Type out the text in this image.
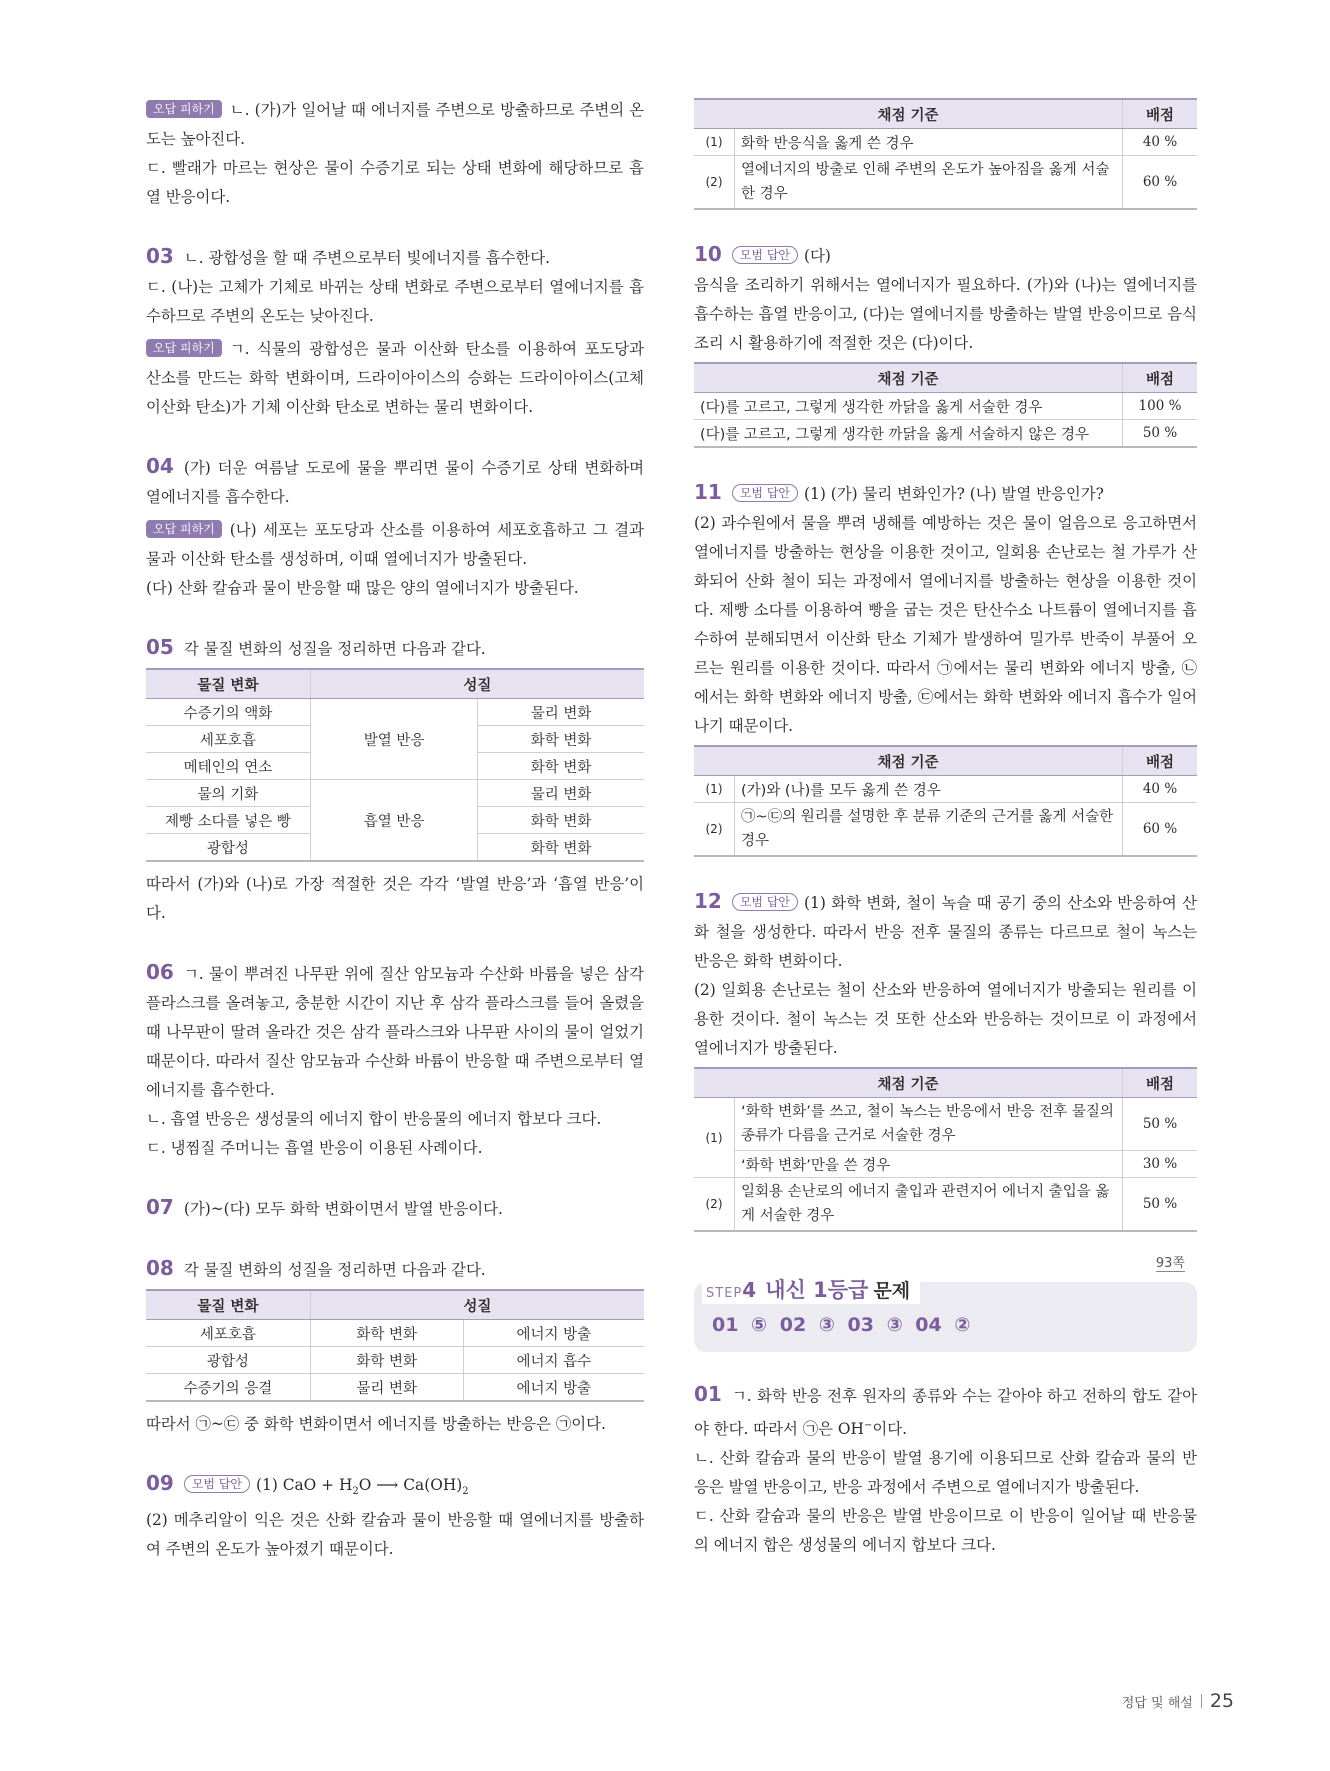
오답 피하기 ㄴ. (가)가 일어날 때 에너지를 주변으로 방출하므로 주변의 온도는 높아진다.

ㄷ. 빨래가 마르는 현상은 물이 수증기로 되는 상태 변화에 해당하므로 흡열 반응이다.

03 ㄴ. 광합성을 할 때 주변으로부터 빛에너지를 흡수한다.

ㄷ. (나)는 고체가 기체로 바뀌는 상태 변화로 주변으로부터 열에너지를 흡수하므로 주변의 온도는 낮아진다.

오답 피하기 ㄱ. 식물의 광합성은 물과 이산화 탄소를 이용하여 포도당과 산소를 만드는 화학 변화이며, 드라이아이스의 승화는 드라이아이스(고체 이산화 탄소)가 기체 이산화 탄소로 변하는 물리 변화이다.

04 (가) 더운 여름날 도로에 물을 뿌리면 물이 수증기로 상태 변화하며 열에너지를 흡수한다.

오답 피하기 (나) 세포는 포도당과 산소를 이용하여 세포호흡하고 그 결과 물과 이산화 탄소를 생성하며, 이때 열에너지가 방출된다.

(다) 산화 칼슘과 물이 반응할 때 많은 양의 열에너지가 방출된다.

05 각 물질 변화의 성질을 정리하면 다음과 같다.

물질 변화	성질	
수증기의 액화	발열 반응	물리 변화
세포호흡		화학 변화
메테인의 연소		화학 변화
물의 기화	흡열 반응	물리 변화
제빵 소다를 넣은 빵		화학 변화
광합성		화학 변화

따라서 (가)와 (나)로 가장 적절한 것은 각각 ‘발열 반응’과 ‘흡열 반응’이다.

06 ㄱ. 물이 뿌려진 나무판 위에 질산 암모늄과 수산화 바륨을 넣은 삼각 플라스크를 올려놓고, 충분한 시간이 지난 후 삼각 플라스크를 들어 올렸을 때 나무판이 딸려 올라간 것은 삼각 플라스크와 나무판 사이의 물이 얼었기 때문이다. 따라서 질산 암모늄과 수산화 바륨이 반응할 때 주변으로부터 열에너지를 흡수한다.

ㄴ. 흡열 반응은 생성물의 에너지 합이 반응물의 에너지 합보다 크다.

ㄷ. 냉찜질 주머니는 흡열 반응이 이용된 사례이다.

07 (가)~(다) 모두 화학 변화이면서 발열 반응이다.

08 각 물질 변화의 성질을 정리하면 다음과 같다.

물질 변화	성질	
세포호흡	화학 변화	에너지 방출
광합성	화학 변화	에너지 흡수
수증기의 응결	물리 변화	에너지 방출

따라서 ㉠~㉢ 중 화학 변화이면서 에너지를 방출하는 반응은 ㉠이다.

09 모범 답안 (1) CaO + $H_2O$ ⟶ $Ca(OH)_2$

(2) 메추리알이 익은 것은 산화 칼슘과 물이 반응할 때 열에너지를 방출하여 주변의 온도가 높아졌기 때문이다.

채점 기준		배점
(1)	화학 반응식을 옳게 쓴 경우	40 %
(2)	열에너지의 방출로 인해 주변의 온도가 높아짐을 옳게 서술한 경우	60 %

10 모범 답안 (다)

음식을 조리하기 위해서는 열에너지가 필요하다. (가)와 (나)는 열에너지를 흡수하는 흡열 반응이고, (다)는 열에너지를 방출하는 발열 반응이므로 음식 조리 시 활용하기에 적절한 것은 (다)이다.

채점 기준	배점
(다)를 고르고, 그렇게 생각한 까닭을 옳게 서술한 경우	100 %
(다)를 고르고, 그렇게 생각한 까닭을 옳게 서술하지 않은 경우	50 %

11 모범 답안 (1) (가) 물리 변화인가? (나) 발열 반응인가?

(2) 과수원에서 물을 뿌려 냉해를 예방하는 것은 물이 얼음으로 응고하면서 열에너지를 방출하는 현상을 이용한 것이고, 일회용 손난로는 철 가루가 산화되어 산화 철이 되는 과정에서 열에너지를 방출하는 현상을 이용한 것이다. 제빵 소다를 이용하여 빵을 굽는 것은 탄산수소 나트륨이 열에너지를 흡수하여 분해되면서 이산화 탄소 기체가 발생하여 밀가루 반죽이 부풀어 오르는 원리를 이용한 것이다. 따라서 ㉠에서는 물리 변화와 에너지 방출, ㉡에서는 화학 변화와 에너지 방출, ㉢에서는 화학 변화와 에너지 흡수가 일어나기 때문이다.

채점 기준		배점
(1)	(가)와 (나)를 모두 옳게 쓴 경우	40 %
(2)	㉠~㉢의 원리를 설명한 후 분류 기준의 근거를 옳게 서술한 경우	60 %

12 모범 답안 (1) 화학 변화, 철이 녹슬 때 공기 중의 산소와 반응하여 산화 철을 생성한다. 따라서 반응 전후 물질의 종류는 다르므로 철이 녹스는 반응은 화학 변화이다.

(2) 일회용 손난로는 철이 산소와 반응하여 열에너지가 방출되는 원리를 이용한 것이다. 철이 녹스는 것 또한 산소와 반응하는 것이므로 이 과정에서 열에너지가 방출된다.

채점 기준		배점
(1)	‘화학 변화’를 쓰고, 철이 녹스는 반응에서 반응 전후 물질의 종류가 다름을 근거로 서술한 경우	50 %
	‘화학 변화’만을 쓴 경우	30 %
(2)	일회용 손난로의 에너지 출입과 관련지어 에너지 출입을 옳게 서술한 경우	50 %
STEP4 내신 1등급 문제
93쪽
01 ⑤ 02 ③ 03 ③ 04 ②

01 ㄱ. 화학 반응 전후 원자의 종류와 수는 같아야 하고 전하의 합도 같아야 한다. 따라서 ㉠은 OH−이다.

ㄴ. 산화 칼슘과 물의 반응이 발열 용기에 이용되므로 산화 칼슘과 물의 반응은 발열 반응이고, 반응 과정에서 주변으로 열에너지가 방출된다.

ㄷ. 산화 칼슘과 물의 반응은 발열 반응이므로 이 반응이 일어날 때 반응물의 에너지 합은 생성물의 에너지 합보다 크다.

정답 및 해설 25
